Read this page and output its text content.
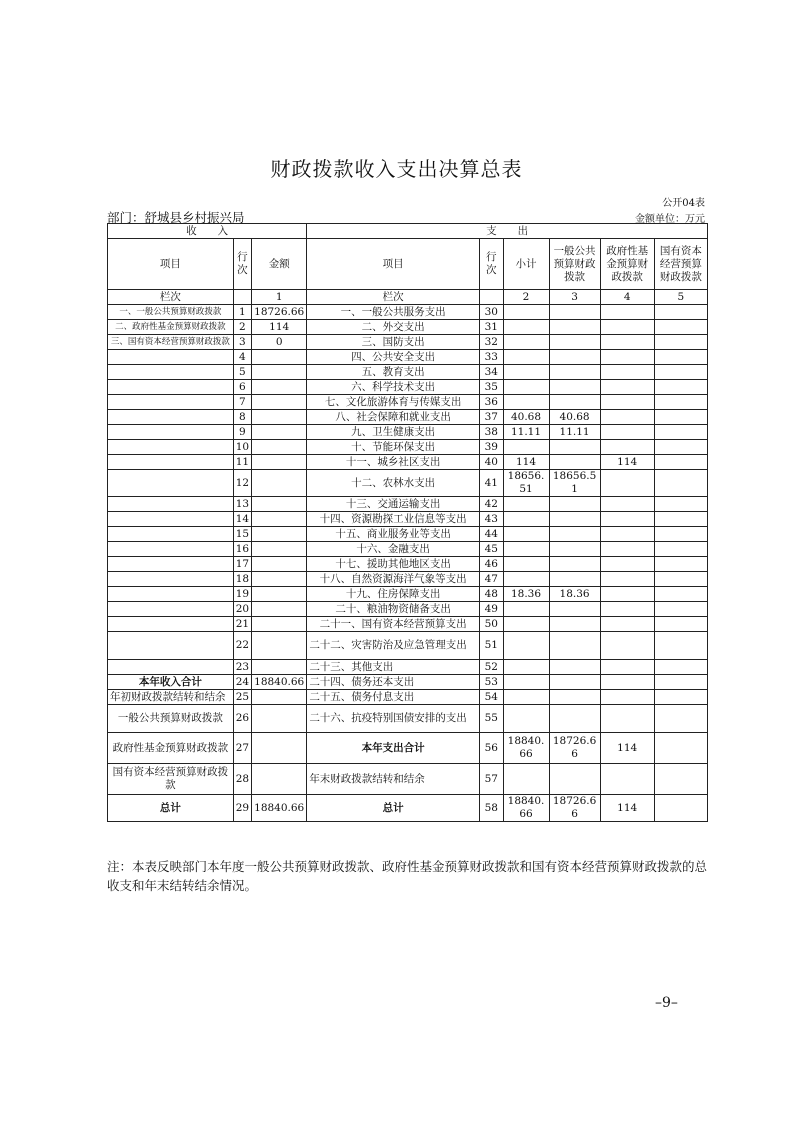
财政拨款收入支出决算总表
公开04表
部门：舒城县乡村振兴局	金额单位：万元
收　　入			支　　出					
项目	行次	金额	项目	行次	小计	一般公共预算财政拨款	政府性基金预算财政拨款	国有资本经营预算财政拨款
栏次		1	栏次		2	3	4	5
一、一般公共预算财政拨款	1	18726.66	一、一般公共服务支出	30				
二、政府性基金预算财政拨款	2	114	二、外交支出	31				
三、国有资本经营预算财政拨款	3	0	三、国防支出	32				
	4		四、公共安全支出	33				
	5		五、教育支出	34				
	6		六、科学技术支出	35				
	7		七、文化旅游体育与传媒支出	36				
	8		八、社会保障和就业支出	37	40.68	40.68		
	9		九、卫生健康支出	38	11.11	11.11		
	10		十、节能环保支出	39				
	11		十一、城乡社区支出	40	114		114	
	12		十二、农林水支出	41	18656.51	18656.51		
	13		十三、交通运输支出	42				
	14		十四、资源勘探工业信息等支出	43				
	15		十五、商业服务业等支出	44				
	16		十六、金融支出	45				
	17		十七、援助其他地区支出	46				
	18		十八、自然资源海洋气象等支出	47				
	19		十九、住房保障支出	48	18.36	18.36		
	20		二十、粮油物资储备支出	49				
	21		二十一、国有资本经营预算支出	50				
	22		二十二、灾害防治及应急管理支出	51				
	23		二十三、其他支出	52				
本年收入合计	24	18840.66	二十四、债务还本支出	53				
年初财政拨款结转和结余	25		二十五、债务付息支出	54				
一般公共预算财政拨款	26		二十六、抗疫特别国债安排的支出	55				
政府性基金预算财政拨款	27		本年支出合计	56	18840.66	18726.66	114	
国有资本经营预算财政拨款	28		年末财政拨款结转和结余	57				
总计	29	18840.66	总计	58	18840.66	18726.66	114	

注：本表反映部门本年度一般公共预算财政拨款、政府性基金预算财政拨款和国有资本经营预算财政拨款的总收支和年末结转结余情况。

–9–
